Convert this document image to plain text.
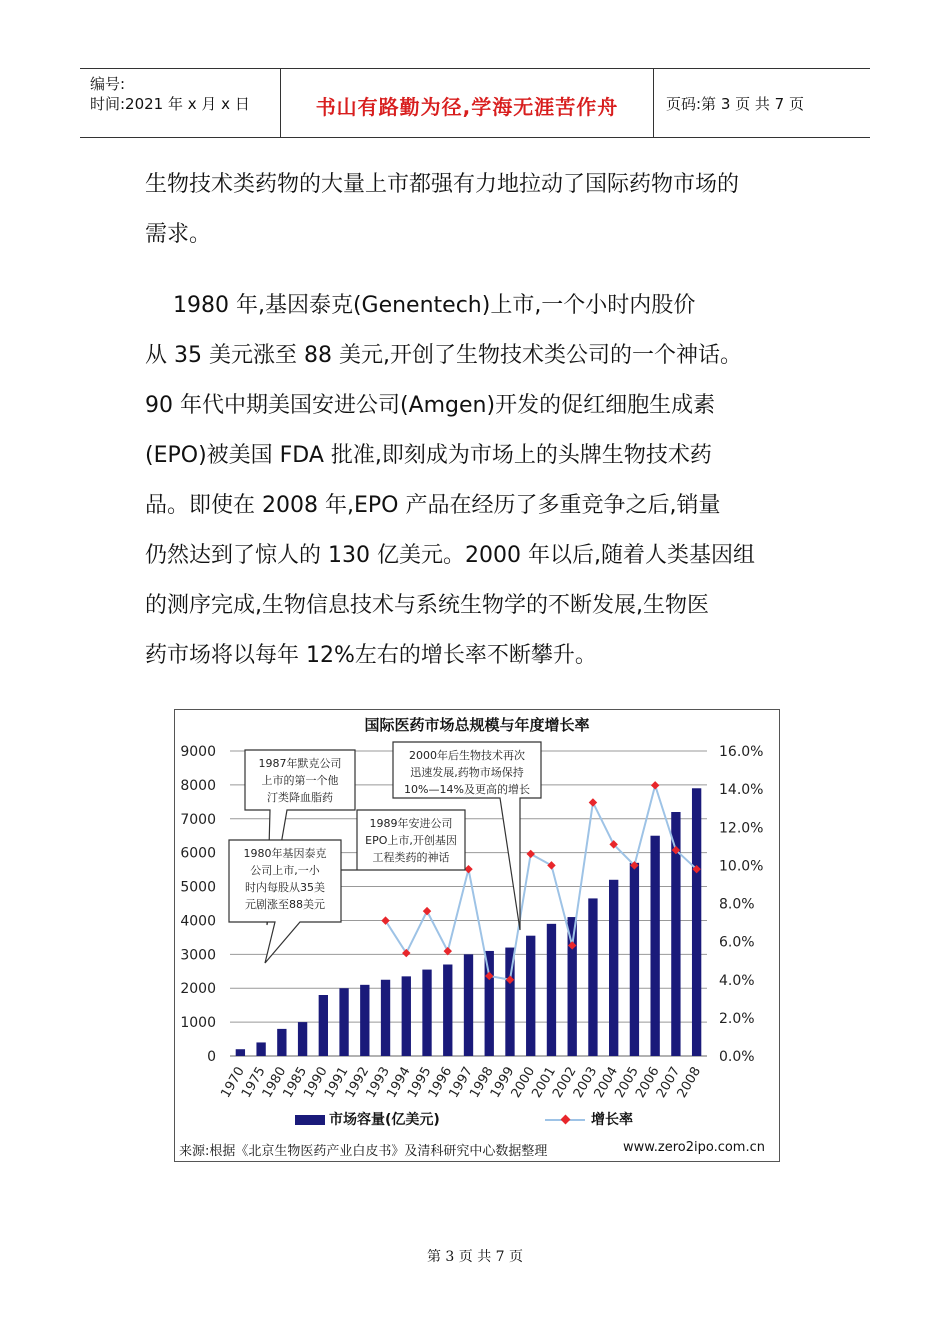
编号:
时间:2021 年 x 月 x 日	书山有路勤为径,学海无涯苦作舟	页码:第 3 页 共 7 页

生物技术类药物的大量上市都强有力地拉动了国际药物市场的

需求。

1980 年,基因泰克(Genentech)上市,一个小时内股价

从 35 美元涨至 88 美元,开创了生物技术类公司的一个神话。

90 年代中期美国安进公司(Amgen)开发的促红细胞生成素

(EPO)被美国 FDA 批准,即刻成为市场上的头牌生物技术药

品。即使在 2008 年,EPO 产品在经历了多重竞争之后,销量

仍然达到了惊人的 130 亿美元。2000 年以后,随着人类基因组

的测序完成,生物信息技术与系统生物学的不断发展,生物医

药市场将以每年 12%左右的增长率不断攀升。

0
1000
2000
3000
4000
5000
6000
7000
8000
9000
0.0%
2.0%
4.0%
6.0%
8.0%
10.0%
12.0%
14.0%
16.0%
1970
1975
1980
1985
1990
1991
1992
1993
1994
1995
1996
1997
1998
1999
2000
2001
2002
2003
2004
2005
2006
2007
2008
1987年默克公司
上市的第一个他
汀类降血脂药
2000年后生物技术再次
迅速发展,药物市场保持
10%—14%及更高的增长
1989年安进公司
EPO上市,开创基因
工程类药的神话
1980年基因泰克
公司上市,一小
时内每股从35美
元剧涨至88美元
国际医药市场总规模与年度增长率
市场容量(亿美元)	增长率
来源:根据《北京生物医药产业白皮书》及清科研究中心数据整理	www.zero2ipo.com.cn
第 3 页 共 7 页
